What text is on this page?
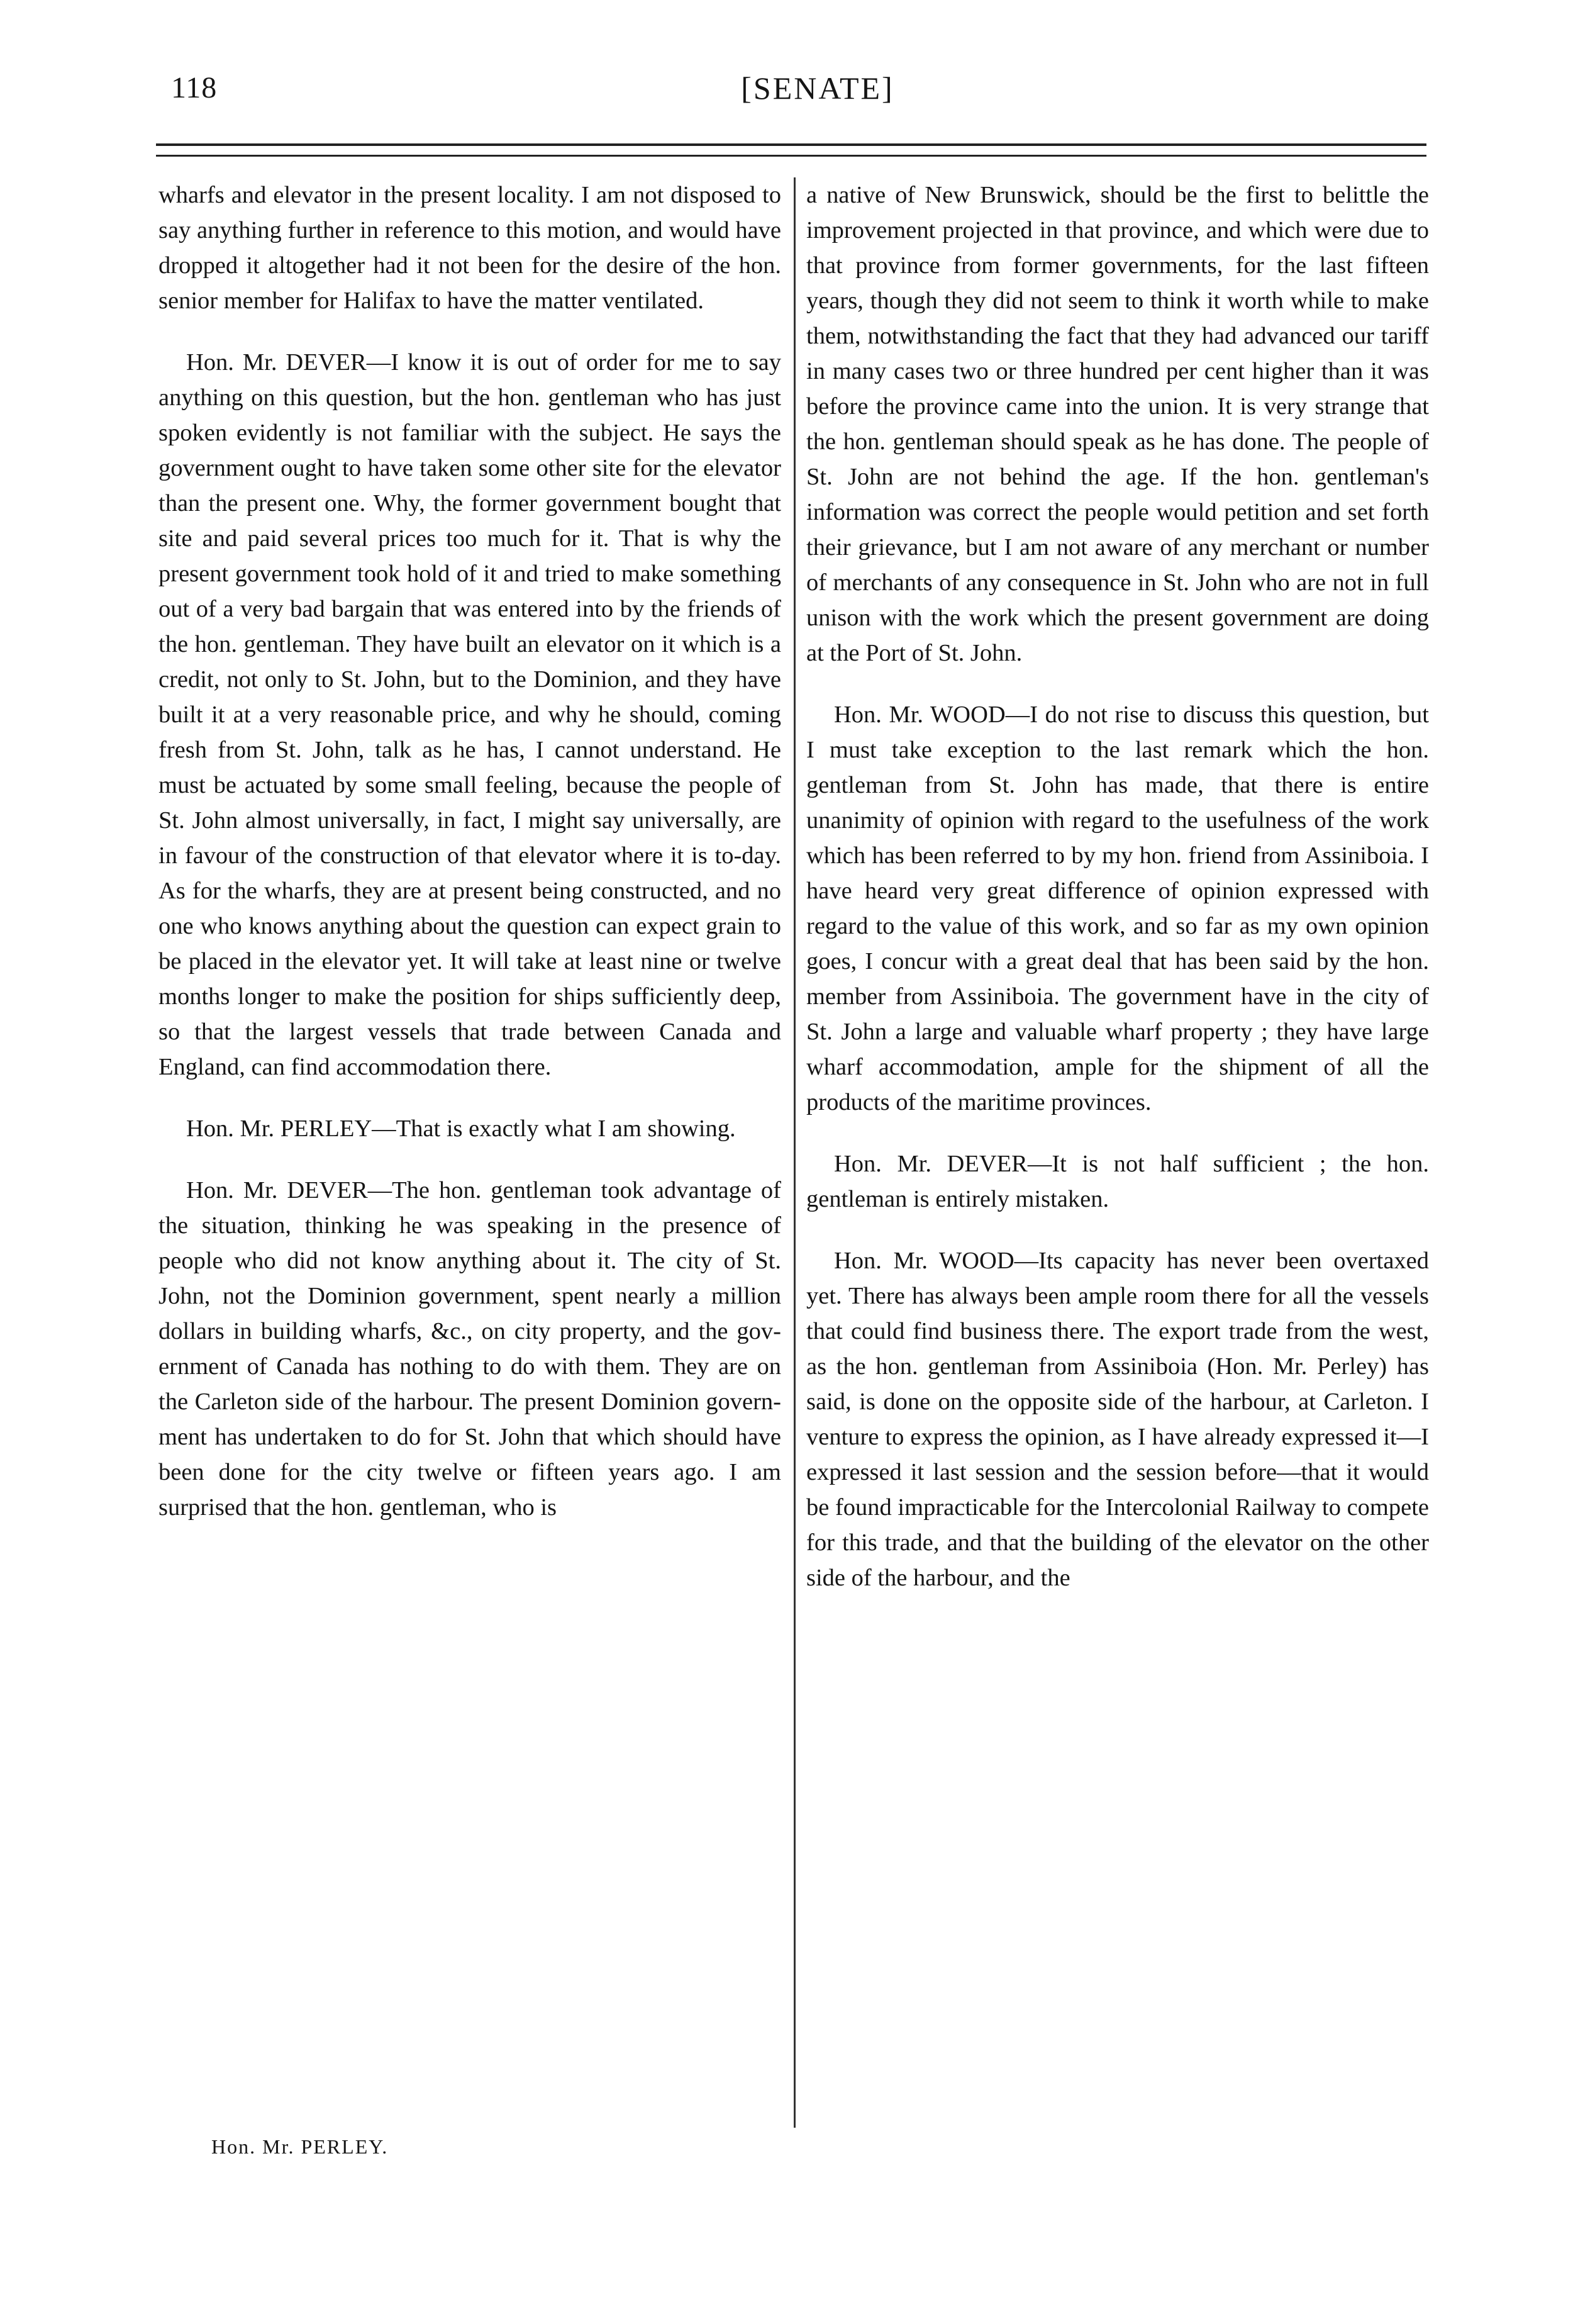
118	[SENATE]

wharfs and elevator in the present locality. I am not disposed to say anything further in reference to this motion, and would have dropped it altogether had it not been for the desire of the hon. senior member for Halifax to have the matter ventilated.

Hon. Mr. DEVER—I know it is out of order for me to say anything on this question, but the hon. gentleman who has just spoken evidently is not familiar with the subject. He says the government ought to have taken some other site for the elevator than the present one. Why, the former government bought that site and paid several prices too much for it. That is why the present government took hold of it and tried to make something out of a very bad bargain that was entered into by the friends of the hon. gentleman. They have built an elevator on it which is a credit, not only to St. John, but to the Dominion, and they have built it at a very reasonable price, and why he should, coming fresh from St. John, talk as he has, I cannot understand. He must be actuated by some small feeling, because the people of St. John almost universally, in fact, I might say universally, are in favour of the construction of that elevator where it is to-day. As for the wharfs, they are at present being constructed, and no one who knows anything about the question can expect grain to be placed in the elevator yet. It will take at least nine or twelve months longer to make the position for ships sufficiently deep, so that the largest vessels that trade between Canada and England, can find accommodation there.

Hon. Mr. PERLEY—That is exactly what I am showing.

Hon. Mr. DEVER—The hon. gentleman took advantage of the situation, thinking he was speaking in the presence of people who did not know anything about it. The city of St. John, not the Dominion government, spent nearly a million dollars in building wharfs, &c., on city property, and the government of Canada has nothing to do with them. They are on the Carleton side of the harbour. The present Dominion government has undertaken to do for St. John that which should have been done for the city twelve or fifteen years ago. I am surprised that the hon. gentleman, who is

a native of New Brunswick, should be the first to belittle the improvement projected in that province, and which were due to that province from former governments, for the last fifteen years, though they did not seem to think it worth while to make them, notwithstanding the fact that they had advanced our tariff in many cases two or three hundred per cent higher than it was before the province came into the union. It is very strange that the hon. gentleman should speak as he has done. The people of St. John are not behind the age. If the hon. gentleman's information was correct the people would petition and set forth their grievance, but I am not aware of any merchant or number of merchants of any consequence in St. John who are not in full unison with the work which the present government are doing at the Port of St. John.

Hon. Mr. WOOD—I do not rise to discuss this question, but I must take exception to the last remark which the hon. gentleman from St. John has made, that there is entire unanimity of opinion with regard to the usefulness of the work which has been referred to by my hon. friend from Assiniboia. I have heard very great difference of opinion expressed with regard to the value of this work, and so far as my own opinion goes, I concur with a great deal that has been said by the hon. member from Assiniboia. The government have in the city of St. John a large and valuable wharf property ; they have large wharf accommodation, ample for the shipment of all the products of the maritime provinces.

Hon. Mr. DEVER—It is not half sufficient ; the hon. gentleman is entirely mistaken.

Hon. Mr. WOOD—Its capacity has never been overtaxed yet. There has always been ample room there for all the vessels that could find business there. The export trade from the west, as the hon. gentleman from Assiniboia (Hon. Mr. Perley) has said, is done on the opposite side of the harbour, at Carleton. I venture to express the opinion, as I have already expressed it—I expressed it last session and the session before—that it would be found impracticable for the Intercolonial Railway to compete for this trade, and that the building of the elevator on the other side of the harbour, and the

Hon. Mr. PERLEY.
